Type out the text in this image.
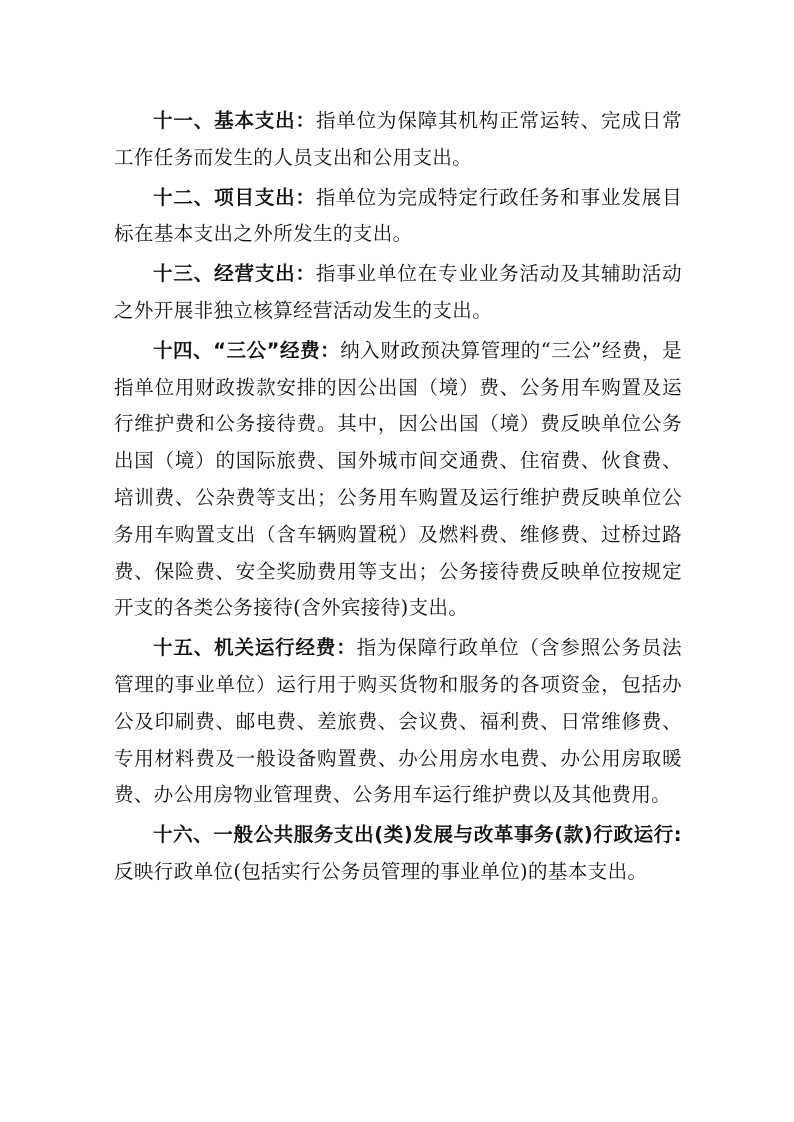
十一、基本支出：指单位为保障其机构正常运转、完成日常工作任务而发生的人员支出和公用支出。

十二、项目支出：指单位为完成特定行政任务和事业发展目标在基本支出之外所发生的支出。

十三、经营支出：指事业单位在专业业务活动及其辅助活动之外开展非独立核算经营活动发生的支出。

十四、“三公”经费：纳入财政预决算管理的“三公”经费，是指单位用财政拨款安排的因公出国（境）费、公务用车购置及运行维护费和公务接待费。其中，因公出国（境）费反映单位公务出国（境）的国际旅费、国外城市间交通费、住宿费、伙食费、培训费、公杂费等支出；公务用车购置及运行维护费反映单位公务用车购置支出（含车辆购置税）及燃料费、维修费、过桥过路费、保险费、安全奖励费用等支出；公务接待费反映单位按规定开支的各类公务接待(含外宾接待)支出。

十五、机关运行经费：指为保障行政单位（含参照公务员法管理的事业单位）运行用于购买货物和服务的各项资金，包括办公及印刷费、邮电费、差旅费、会议费、福利费、日常维修费、专用材料费及一般设备购置费、办公用房水电费、办公用房取暖费、办公用房物业管理费、公务用车运行维护费以及其他费用。

十六、一般公共服务支出(类)发展与改革事务(款)行政运行:反映行政单位(包括实行公务员管理的事业单位)的基本支出。
